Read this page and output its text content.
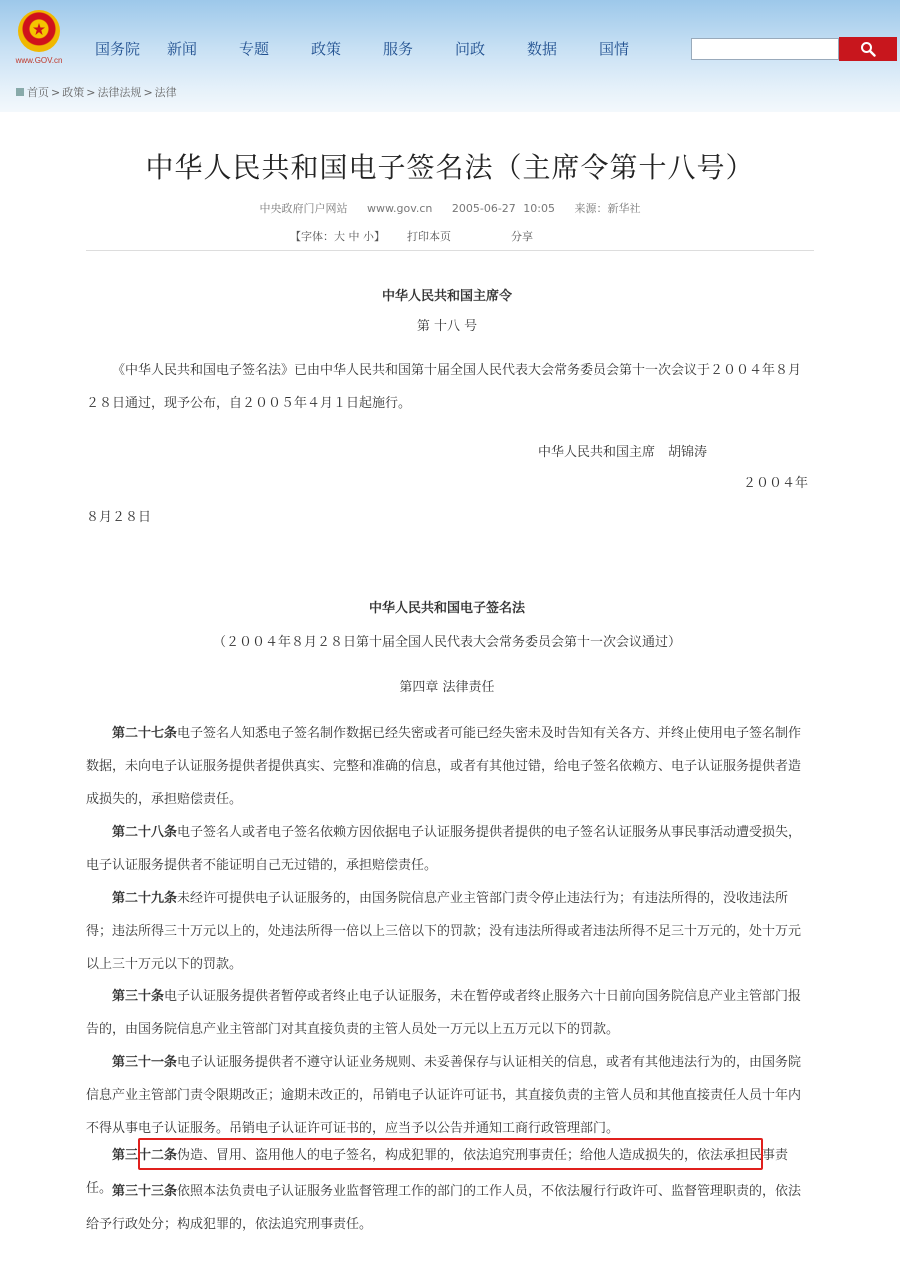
www.GOV.cn
国务院	新闻	专题	政策	服务	问政	数据	国情
首页 > 政策 > 法律法规 > 法律
中华人民共和国电子签名法（主席令第十八号）
中央政府门户网站 www.gov.cn 2005-06-27 10:05 来源：新华社
【字体：大 中 小】 打印本页	分享
中华人民共和国主席令
第 十八 号
《中华人民共和国电子签名法》已由中华人民共和国第十届全国人民代表大会常务委员会第十一次会议于２００４年８月２８日通过，现予公布，自２００５年４月１日起施行。
中华人民共和国主席　胡锦涛
２００４年
８月２８日
中华人民共和国电子签名法
（２００４年８月２８日第十届全国人民代表大会常务委员会第十一次会议通过）
第四章 法律责任
第二十七条电子签名人知悉电子签名制作数据已经失密或者可能已经失密未及时告知有关各方、并终止使用电子签名制作数据，未向电子认证服务提供者提供真实、完整和准确的信息，或者有其他过错，给电子签名依赖方、电子认证服务提供者造成损失的，承担赔偿责任。
第二十八条电子签名人或者电子签名依赖方因依据电子认证服务提供者提供的电子签名认证服务从事民事活动遭受损失，电子认证服务提供者不能证明自己无过错的，承担赔偿责任。
第二十九条未经许可提供电子认证服务的，由国务院信息产业主管部门责令停止违法行为；有违法所得的，没收违法所得；违法所得三十万元以上的，处违法所得一倍以上三倍以下的罚款；没有违法所得或者违法所得不足三十万元的，处十万元以上三十万元以下的罚款。
第三十条电子认证服务提供者暂停或者终止电子认证服务，未在暂停或者终止服务六十日前向国务院信息产业主管部门报告的，由国务院信息产业主管部门对其直接负责的主管人员处一万元以上五万元以下的罚款。
第三十一条电子认证服务提供者不遵守认证业务规则、未妥善保存与认证相关的信息，或者有其他违法行为的，由国务院信息产业主管部门责令限期改正；逾期未改正的，吊销电子认证许可证书，其直接负责的主管人员和其他直接责任人员十年内不得从事电子认证服务。吊销电子认证许可证书的，应当予以公告并通知工商行政管理部门。
第三十二条伪造、冒用、盗用他人的电子签名，构成犯罪的，依法追究刑事责任；给他人造成损失的，依法承担民事责任。 第三十三条依照本法负责电子认证服务业监督管理工作的部门的工作人员，不依法履行行政许可、监督管理职责的，依法给予行政处分；构成犯罪的，依法追究刑事责任。
